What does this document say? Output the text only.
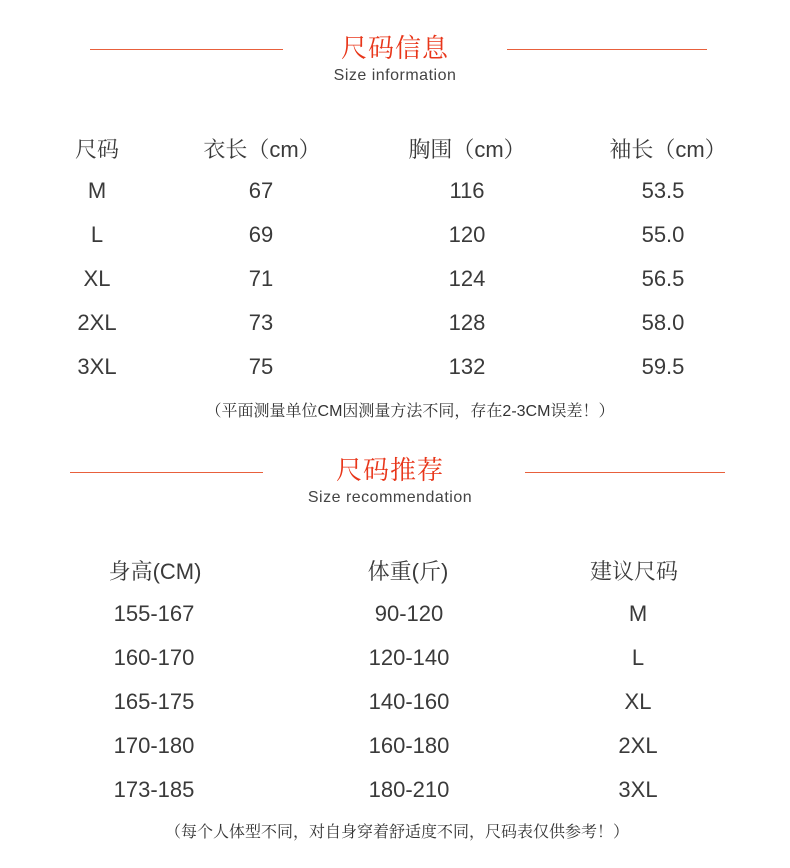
尺码信息
Size information
尺码	衣长（cm）	胸围（cm）	袖长（cm）
M	67	116	53.5
L	69	120	55.0
XL	71	124	56.5
2XL	73	128	58.0
3XL	75	132	59.5
（平面测量单位CM因测量方法不同，存在2-3CM误差！）
尺码推荐
Size recommendation
身高(CM)	体重(斤)	建议尺码
155-167	90-120	M
160-170	120-140	L
165-175	140-160	XL
170-180	160-180	2XL
173-185	180-210	3XL
（每个人体型不同，对自身穿着舒适度不同，尺码表仅供参考！）
